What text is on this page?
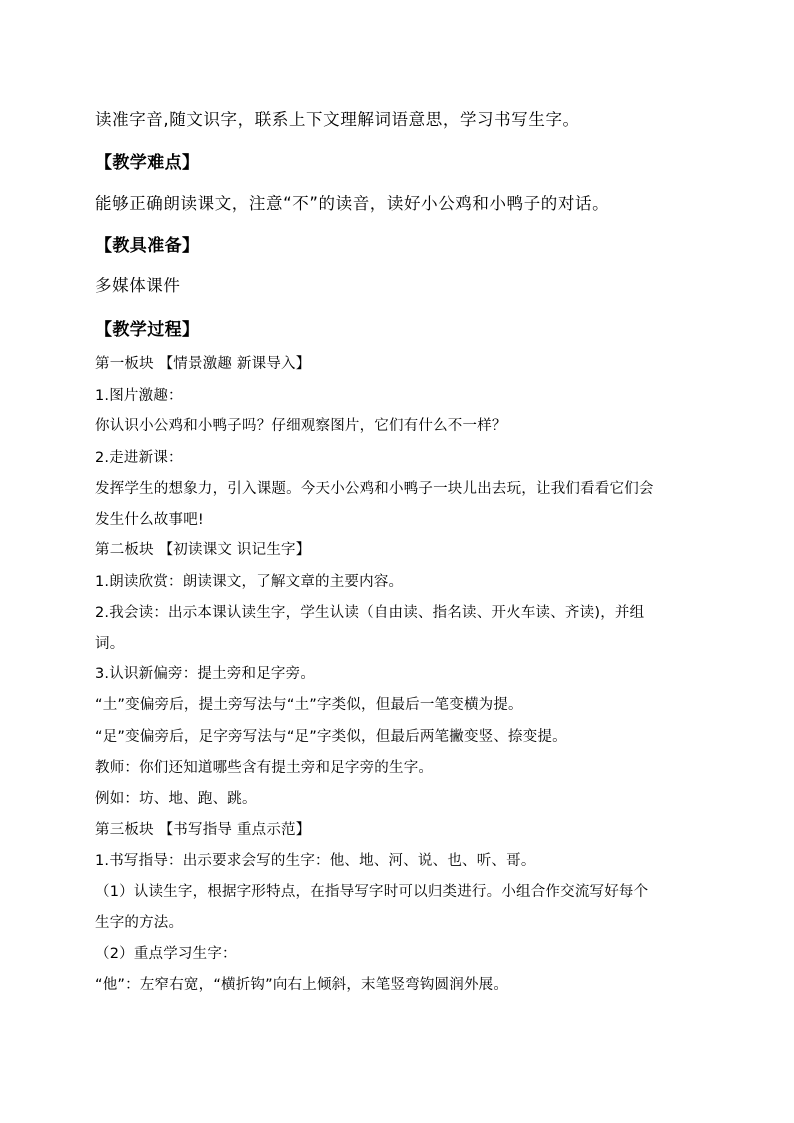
读准字音,随文识字，联系上下文理解词语意思，学习书写生字。
【教学难点】
能够正确朗读课文，注意“不”的读音，读好小公鸡和小鸭子的对话。
【教具准备】
多媒体课件
【教学过程】
第一板块 【情景激趣 新课导入】
1.图片激趣：
你认识小公鸡和小鸭子吗？仔细观察图片，它们有什么不一样？
2.走进新课：
发挥学生的想象力，引入课题。今天小公鸡和小鸭子一块儿出去玩，让我们看看它们会
发生什么故事吧!
第二板块 【初读课文 识记生字】
1.朗读欣赏：朗读课文，了解文章的主要内容。
2.我会读：出示本课认读生字，学生认读（自由读、指名读、开火车读、齐读)，并组
词。
3.认识新偏旁：提土旁和足字旁。
“土”变偏旁后，提土旁写法与“土”字类似，但最后一笔变横为提。
“足”变偏旁后，足字旁写法与“足”字类似，但最后两笔撇变竖、捺变提。
教师：你们还知道哪些含有提土旁和足字旁的生字。
例如：坊、地、跑、跳。
第三板块 【书写指导 重点示范】
1.书写指导：出示要求会写的生字：他、地、河、说、也、听、哥。
（1）认读生字，根据字形特点，在指导写字时可以归类进行。小组合作交流写好每个
生字的方法。
（2）重点学习生字：
“他”：左窄右宽，“横折钩”向右上倾斜，末笔竖弯钩圆润外展。
